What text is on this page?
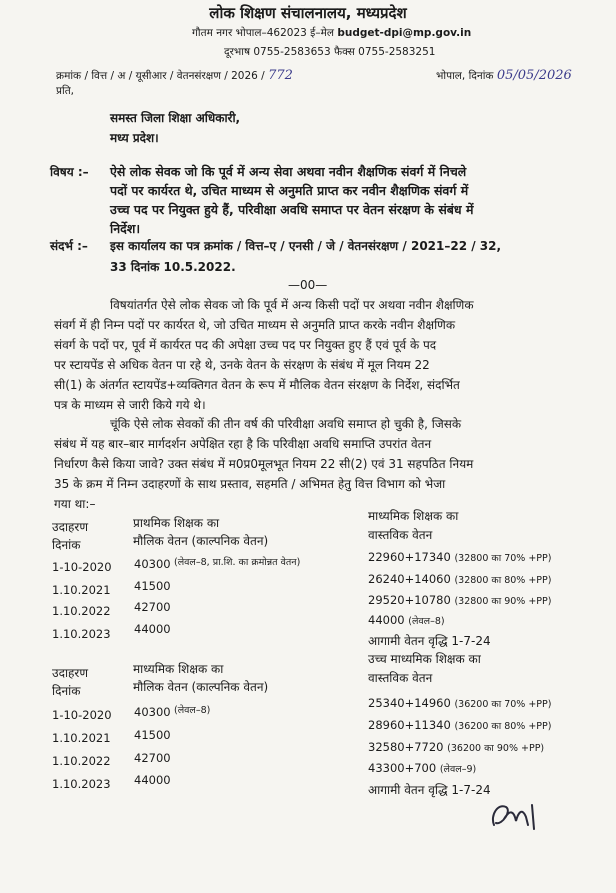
लोक शिक्षण संचालनालय, मध्यप्रदेश
गौतम नगर भोपाल–462023 ई–मेल budget-dpi@mp.gov.in
दूरभाष 0755-2583653 फैक्स 0755-2583251
क्रमांक / वित्त / अ / यूसीआर / वेतनसंरक्षण / 2026 / 772	भोपाल, दिनांक 05/05/2026
प्रति,
समस्त जिला शिक्षा अधिकारी,
मध्य प्रदेश।
विषय :– ऐसे लोक सेवक जो कि पूर्व में अन्य सेवा अथवा नवीन शैक्षणिक संवर्ग में निचले
पदों पर कार्यरत थे, उचित माध्यम से अनुमति प्राप्त कर नवीन शैक्षणिक संवर्ग में
उच्च पद पर नियुक्त हुये हैं, परिवीक्षा अवधि समाप्त पर वेतन संरक्षण के संबंध में
निर्देश।
संदर्भ :– इस कार्यालय का पत्र क्रमांक / वित्त–ए / एनसी / जे / वेतनसंरक्षण / 2021–22 / 32,
33 दिनांक 10.5.2022.
—00—
विषयांतर्गत ऐसे लोक सेवक जो कि पूर्व में अन्य किसी पदों पर अथवा नवीन शैक्षणिक
संवर्ग में ही निम्न पदों पर कार्यरत थे, जो उचित माध्यम से अनुमति प्राप्त करके नवीन शैक्षणिक
संवर्ग के पदों पर, पूर्व में कार्यरत पद की अपेक्षा उच्च पद पर नियुक्त हुए हैं एवं पूर्व के पद
पर स्टायपेंड से अधिक वेतन पा रहे थे, उनके वेतन के संरक्षण के संबंध में मूल नियम 22
सी(1) के अंतर्गत स्टायपेंड+व्यक्तिगत वेतन के रूप में मौलिक वेतन संरक्षण के निर्देश, संदर्भित
पत्र के माध्यम से जारी किये गये थे।
चूंकि ऐसे लोक सेवकों की तीन वर्ष की परिवीक्षा अवधि समाप्त हो चुकी है, जिसके
संबंध में यह बार–बार मार्गदर्शन अपेक्षित रहा है कि परिवीक्षा अवधि समाप्ति उपरांत वेतन
निर्धारण कैसे किया जावे? उक्त संबंध में म0प्र0मूलभूत नियम 22 सी(2) एवं 31 सहपठित नियम
35 के क्रम में निम्न उदाहरणों के साथ प्रस्ताव, सहमति / अभिमत हेतु वित्त विभाग को भेजा
गया था:–
उदाहरण
दिनांक
प्राथमिक शिक्षक का
मौलिक वेतन (काल्पनिक वेतन)
माध्यमिक शिक्षक का
वास्तविक वेतन
1-10-2020 40300 (लेवल–8, प्रा.शि. का क्रमोन्नत वेतन)
1.10.2021 41500
1.10.2022 42700
1.10.2023 44000
22960+17340 (32800 का 70% +PP)
26240+14060 (32800 का 80% +PP)
29520+10780 (32800 का 90% +PP)
44000 (लेवल–8)
आगामी वेतन वृद्धि 1-7-24
उदाहरण
दिनांक
माध्यमिक शिक्षक का
मौलिक वेतन (काल्पनिक वेतन)
उच्च माध्यमिक शिक्षक का
वास्तविक वेतन
1-10-2020 40300 (लेवल–8)
1.10.2021 41500
1.10.2022 42700
1.10.2023 44000
25340+14960 (36200 का 70% +PP)
28960+11340 (36200 का 80% +PP)
32580+7720 (36200 का 90% +PP)
43300+700 (लेवल–9)
आगामी वेतन वृद्धि 1-7-24
